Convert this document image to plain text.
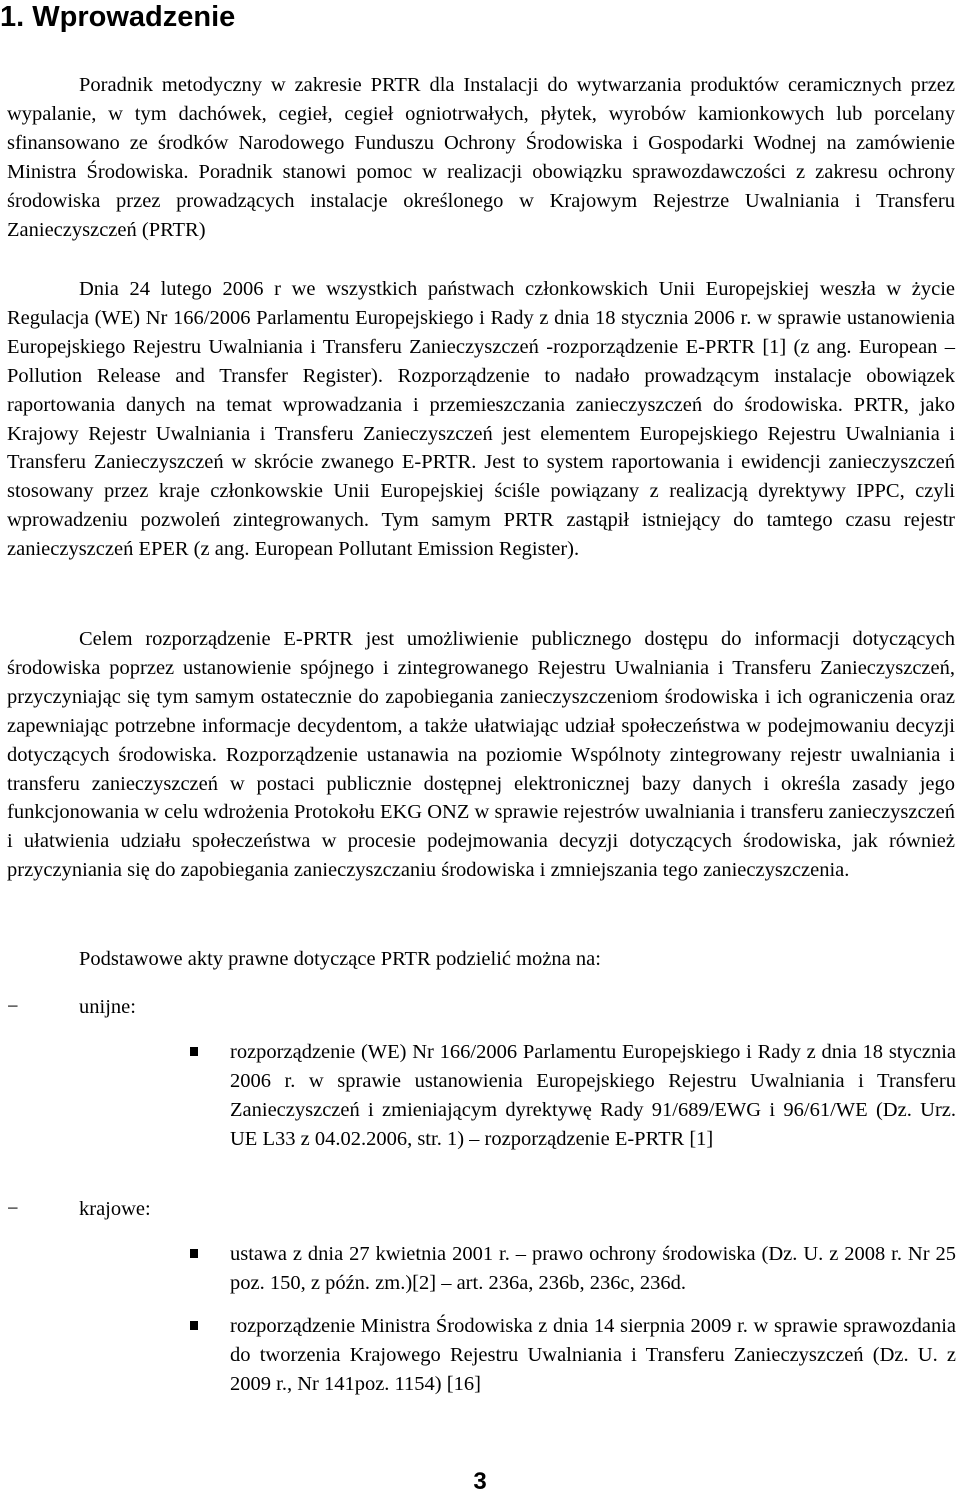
1. Wprowadzenie

Poradnik metodyczny w zakresie PRTR dla Instalacji do wytwarzania produktów ceramicznych przez wypalanie, w tym dachówek, cegieł, cegieł ogniotrwałych, płytek, wyrobów kamionkowych lub porcelany sfinansowano ze środków Narodowego Funduszu Ochrony Środowiska i Gospodarki Wodnej na zamówienie Ministra Środowiska. Poradnik stanowi pomoc w realizacji obowiązku sprawozdawczości z zakresu ochrony środowiska przez prowadzących instalacje określonego w Krajowym Rejestrze Uwalniania i Transferu Zanieczyszczeń (PRTR)

Dnia 24 lutego 2006 r we wszystkich państwach członkowskich Unii Europejskiej weszła w życie Regulacja (WE) Nr 166/2006 Parlamentu Europejskiego i Rady z dnia 18 stycznia 2006 r. w sprawie ustanowienia Europejskiego Rejestru Uwalniania i Transferu Zanieczyszczeń -rozporządzenie E-PRTR [1] (z ang. European – Pollution Release and Transfer Register). Rozporządzenie to nadało prowadzącym instalacje obowiązek raportowania danych na temat wprowadzania i przemieszczania zanieczyszczeń do środowiska. PRTR, jako Krajowy Rejestr Uwalniania i Transferu Zanieczyszczeń jest elementem Europejskiego Rejestru Uwalniania i Transferu Zanieczyszczeń w skrócie zwanego E-PRTR. Jest to system raportowania i ewidencji zanieczyszczeń stosowany przez kraje członkowskie Unii Europejskiej ściśle powiązany z realizacją dyrektywy IPPC, czyli wprowadzeniu pozwoleń zintegrowanych. Tym samym PRTR zastąpił istniejący do tamtego czasu rejestr zanieczyszczeń EPER (z ang. European Pollutant Emission Register).

Celem rozporządzenie E-PRTR jest umożliwienie publicznego dostępu do informacji dotyczących środowiska poprzez ustanowienie spójnego i zintegrowanego Rejestru Uwalniania i Transferu Zanieczyszczeń, przyczyniając się tym samym ostatecznie do zapobiegania zanieczyszczeniom środowiska i ich ograniczenia oraz zapewniając potrzebne informacje decydentom, a także ułatwiając udział społeczeństwa w podejmowaniu decyzji dotyczących środowiska. Rozporządzenie ustanawia na poziomie Wspólnoty zintegrowany rejestr uwalniania i transferu zanieczyszczeń w postaci publicznie dostępnej elektronicznej bazy danych i określa zasady jego funkcjonowania w celu wdrożenia Protokołu EKG ONZ w sprawie rejestrów uwalniania i transferu zanieczyszczeń i ułatwienia udziału społeczeństwa w procesie podejmowania decyzji dotyczących środowiska, jak również przyczyniania się do zapobiegania zanieczyszczaniu środowiska i zmniejszania tego zanieczyszczenia.

Podstawowe akty prawne dotyczące PRTR podzielić można na:

−	unijne:
rozporządzenie (WE) Nr 166/2006 Parlamentu Europejskiego i Rady z dnia 18 stycznia 2006 r. w sprawie ustanowienia Europejskiego Rejestru Uwalniania i Transferu Zanieczyszczeń i zmieniającym dyrektywę Rady 91/689/EWG i 96/61/WE (Dz. Urz. UE L33 z 04.02.2006, str. 1) – rozporządzenie E-PRTR [1]
−	krajowe:
ustawa z dnia 27 kwietnia 2001 r. – prawo ochrony środowiska (Dz. U. z 2008 r. Nr 25 poz. 150, z późn. zm.)[2] – art. 236a, 236b, 236c, 236d.
rozporządzenie Ministra Środowiska z dnia 14 sierpnia 2009 r. w sprawie sprawozdania do tworzenia Krajowego Rejestru Uwalniania i Transferu Zanieczyszczeń (Dz. U. z 2009 r., Nr 141poz. 1154) [16]
3
